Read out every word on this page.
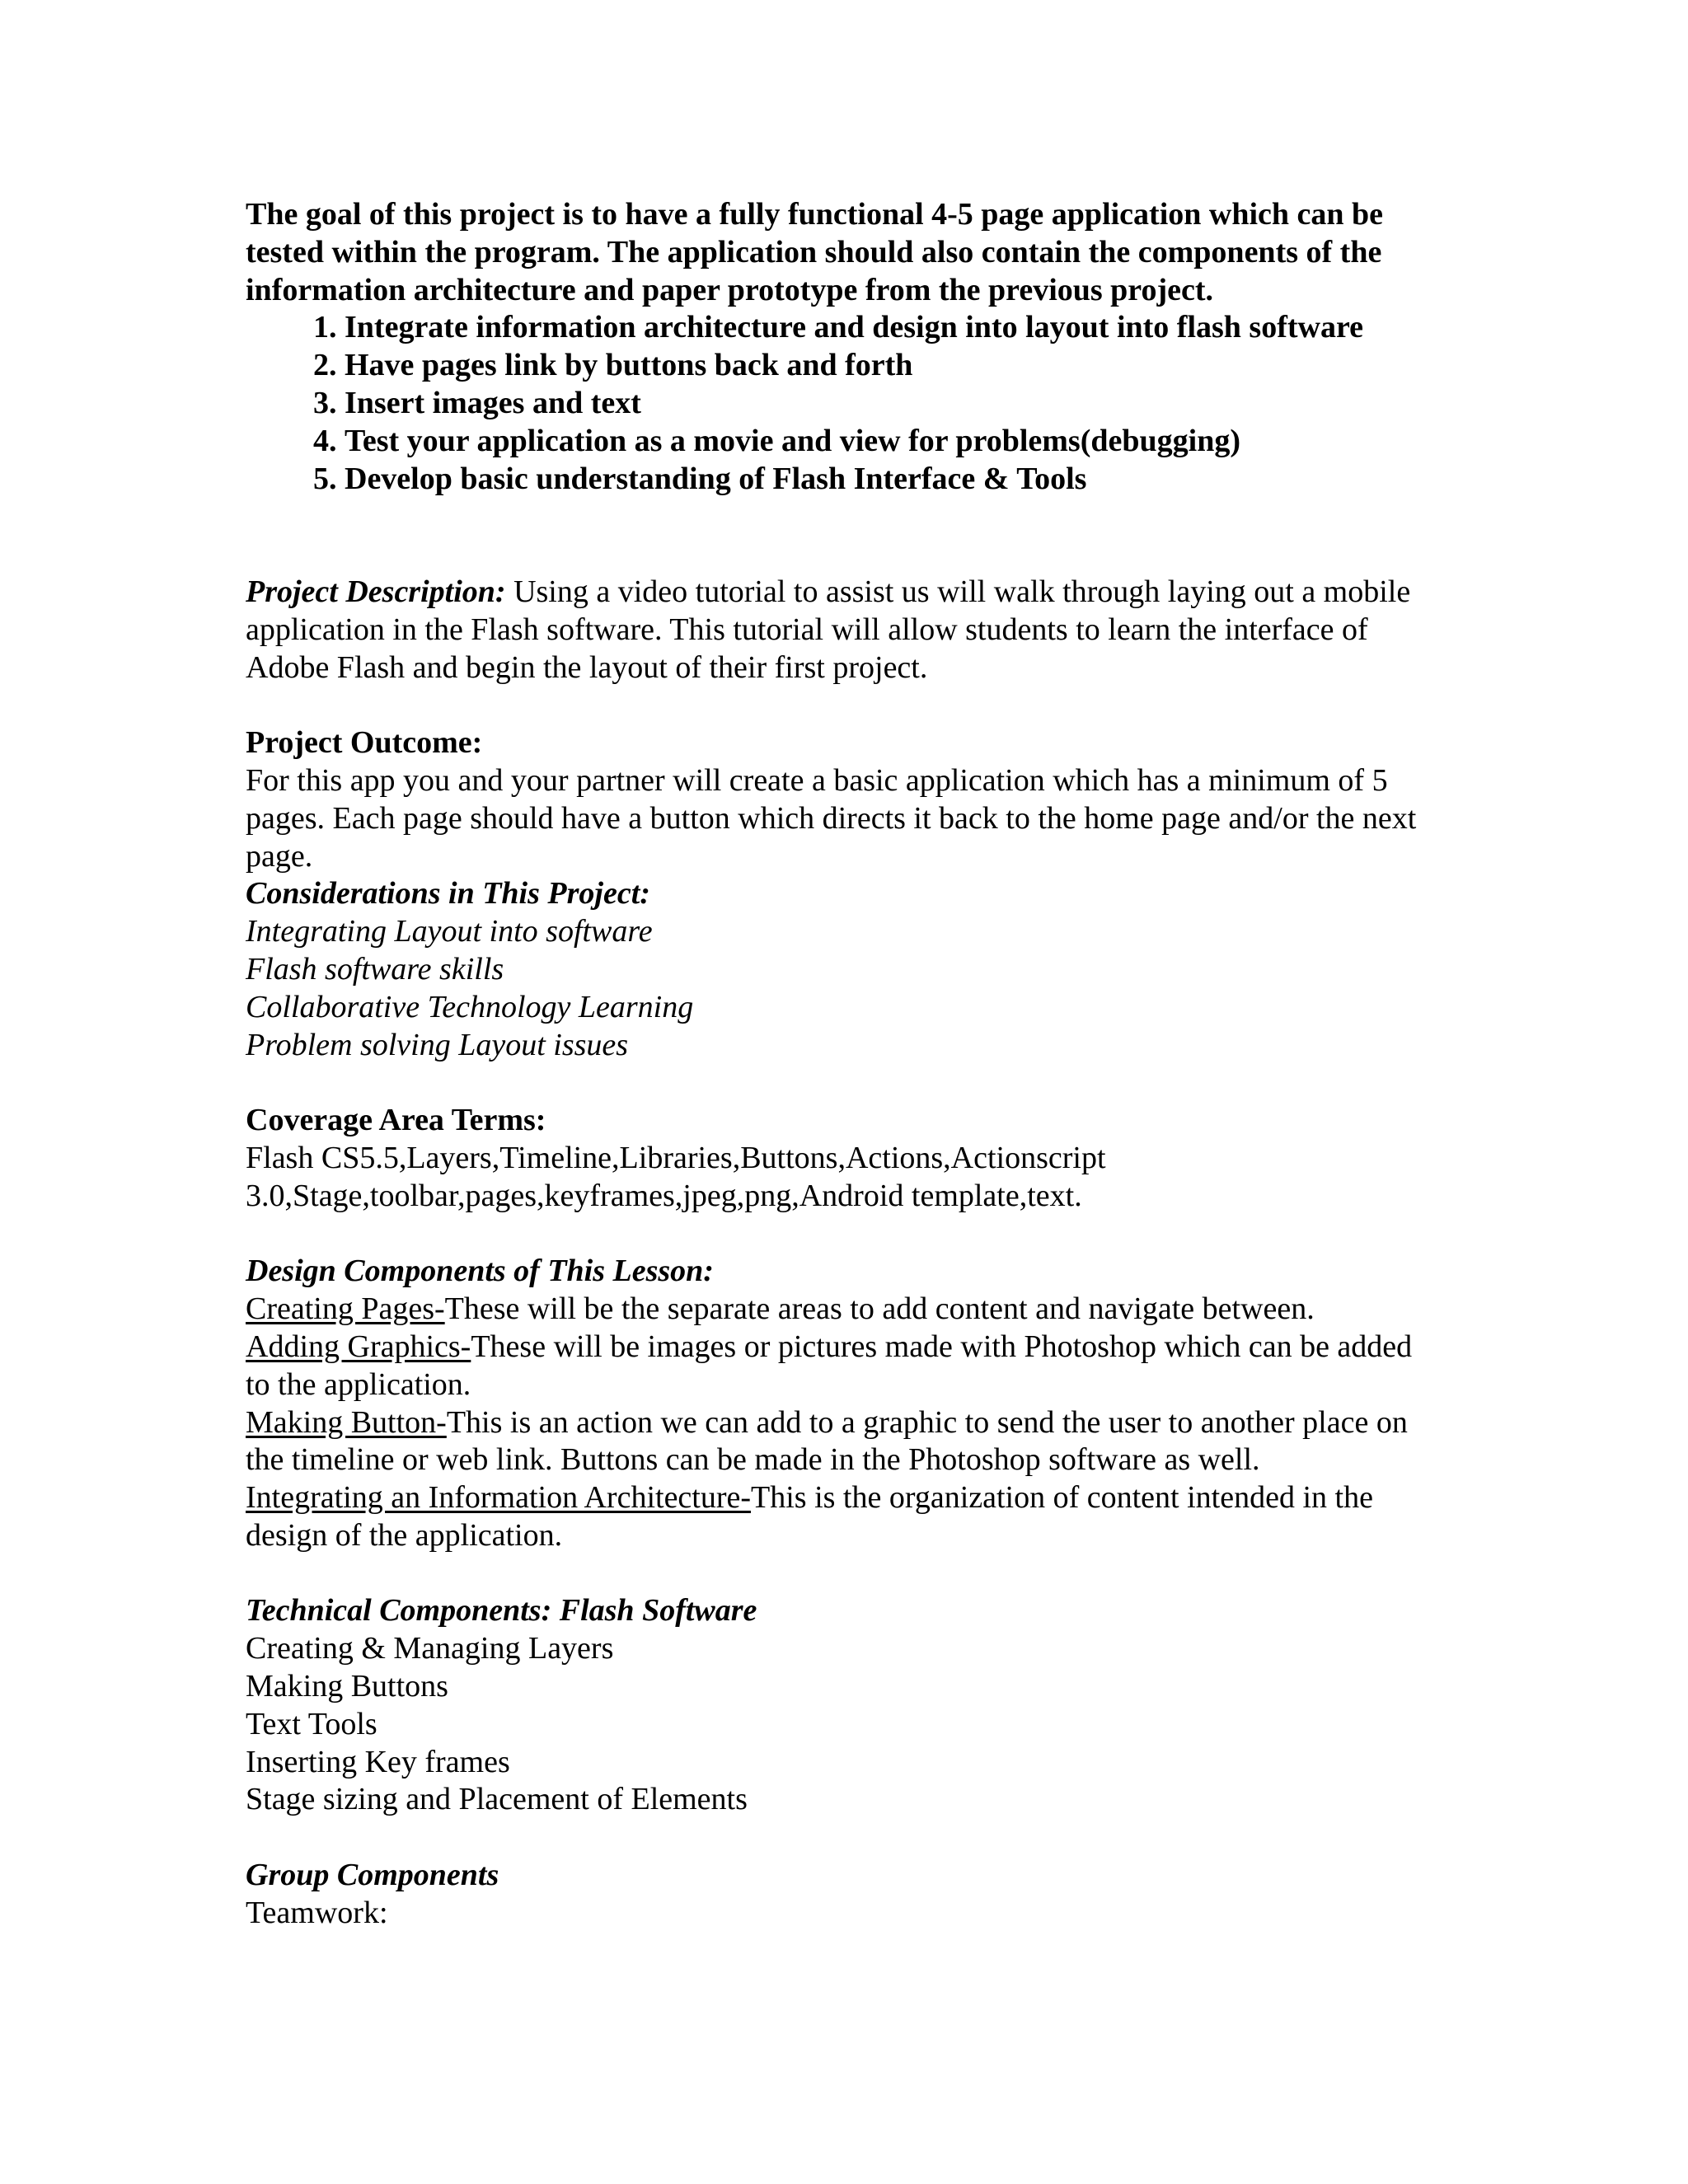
The goal of this project is to have a fully functional 4-5 page application which can be tested within the program. The application should also contain the components of the information architecture and paper prototype from the previous project.

1. Integrate information architecture and design into layout into flash software
2. Have pages link by buttons back and forth
3. Insert images and text
4. Test your application as a movie and view for problems(debugging)
5. Develop basic understanding of Flash Interface & Tools

Project Description: Using a video tutorial to assist us will walk through laying out a mobile application in the Flash software. This tutorial will allow students to learn the interface of Adobe Flash and begin the layout of their first project.

Project Outcome:

For this app you and your partner will create a basic application which has a minimum of 5 pages. Each page should have a button which directs it back to the home page and/or the next page.

Considerations in This Project:

Integrating Layout into software

Flash software skills

Collaborative Technology Learning

Problem solving Layout issues

Coverage Area Terms:

Flash CS5.5,Layers,Timeline,Libraries,Buttons,Actions,Actionscript 3.0,Stage,toolbar,pages,keyframes,jpeg,png,Android template,text.

Design Components of This Lesson:

Creating Pages-These will be the separate areas to add content and navigate between.

Adding Graphics-These will be images or pictures made with Photoshop which can be added to the application.

Making Button-This is an action we can add to a graphic to send the user to another place on the timeline or web link. Buttons can be made in the Photoshop software as well.

Integrating an Information Architecture-This is the organization of content intended in the design of the application.

Technical Components: Flash Software

Creating & Managing Layers

Making Buttons

Text Tools

Inserting Key frames

Stage sizing and Placement of Elements

Group Components

Teamwork:
